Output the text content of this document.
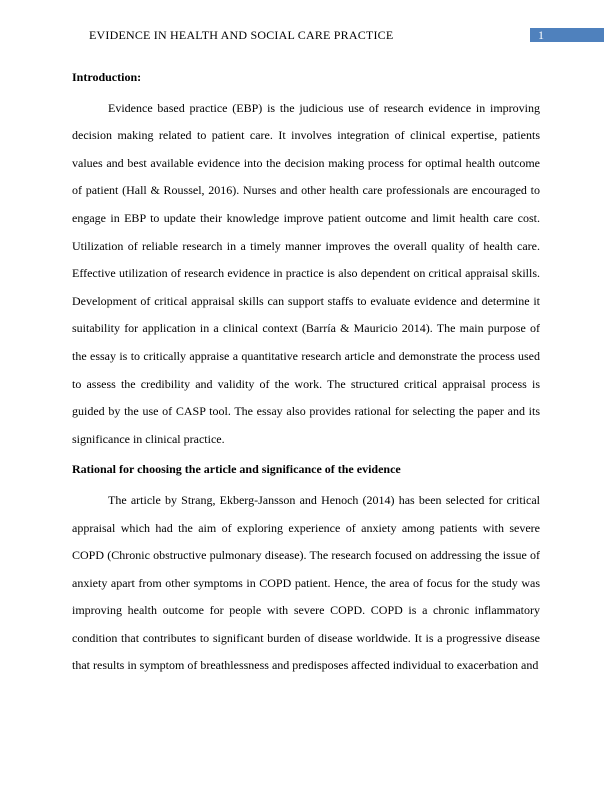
EVIDENCE IN HEALTH AND SOCIAL CARE PRACTICE	1

Introduction:

Evidence based practice (EBP) is the judicious use of research evidence in improving decision making related to patient care. It involves integration of clinical expertise, patients values and best available evidence into the decision making process for optimal health outcome of patient (Hall & Roussel, 2016). Nurses and other health care professionals are encouraged to engage in EBP to update their knowledge improve patient outcome and limit health care cost. Utilization of reliable research in a timely manner improves the overall quality of health care. Effective utilization of research evidence in practice is also dependent on critical appraisal skills. Development of critical appraisal skills can support staffs to evaluate evidence and determine it suitability for application in a clinical context (Barría & Mauricio 2014). The main purpose of the essay is to critically appraise a quantitative research article and demonstrate the process used to assess the credibility and validity of the work. The structured critical appraisal process is guided by the use of CASP tool. The essay also provides rational for selecting the paper and its significance in clinical practice.

Rational for choosing the article and significance of the evidence

The article by Strang, Ekberg-Jansson and Henoch (2014) has been selected for critical appraisal which had the aim of exploring experience of anxiety among patients with severe COPD (Chronic obstructive pulmonary disease). The research focused on addressing the issue of anxiety apart from other symptoms in COPD patient. Hence, the area of focus for the study was improving health outcome for people with severe COPD. COPD is a chronic inflammatory condition that contributes to significant burden of disease worldwide. It is a progressive disease that results in symptom of breathlessness and predisposes affected individual to exacerbation and
